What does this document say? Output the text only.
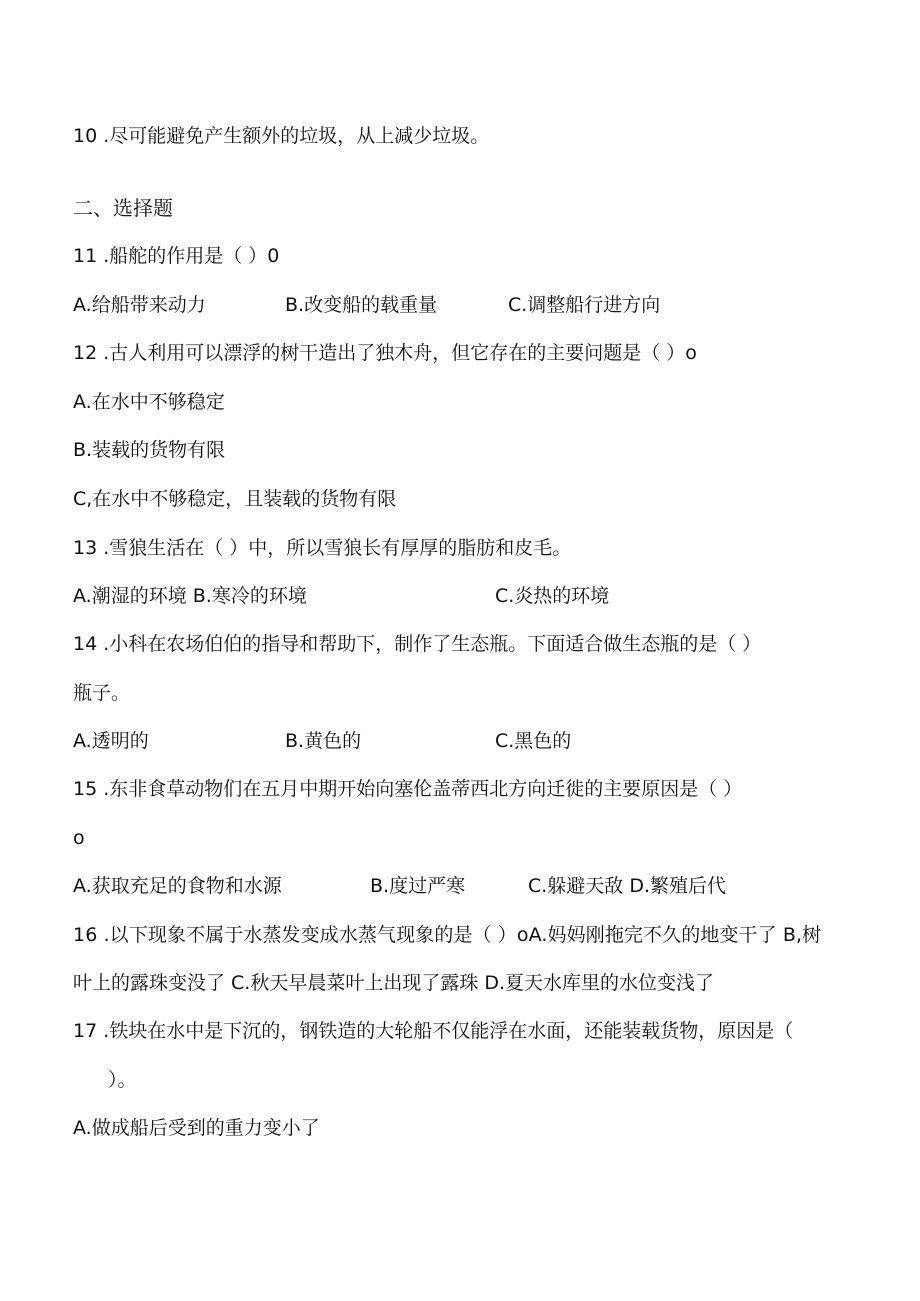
10 .尽可能避免产生额外的垃圾，从上减少垃圾。
二、选择题
11 .船舵的作用是（ ）0
A.给船带来动力	B.改变船的载重量	C.调整船行进方向
12 .古人利用可以漂浮的树干造出了独木舟，但它存在的主要问题是（ ）o
A.在水中不够稳定
B.装载的货物有限
C,在水中不够稳定，且装载的货物有限
13 .雪狼生活在（ ）中，所以雪狼长有厚厚的脂肪和皮毛。
A.潮湿的环境 B.寒冷的环境	C.炎热的环境
14 .小科在农场伯伯的指导和帮助下，制作了生态瓶。下面适合做生态瓶的是（ ）
瓶子。
A.透明的	B.黄色的	C.黑色的
15 .东非食草动物们在五月中期开始向塞伦盖蒂西北方向迁徙的主要原因是（ ）
o
A.获取充足的食物和水源	B.度过严寒	C.躲避天敌 D.繁殖后代
16 .以下现象不属于水蒸发变成水蒸气现象的是（ ）oA.妈妈刚拖完不久的地变干了 B,树
叶上的露珠变没了 C.秋天早晨菜叶上出现了露珠 D.夏天水库里的水位变浅了
17 .铁块在水中是下沉的，钢铁造的大轮船不仅能浮在水面，还能装载货物，原因是（
）。
A.做成船后受到的重力变小了
